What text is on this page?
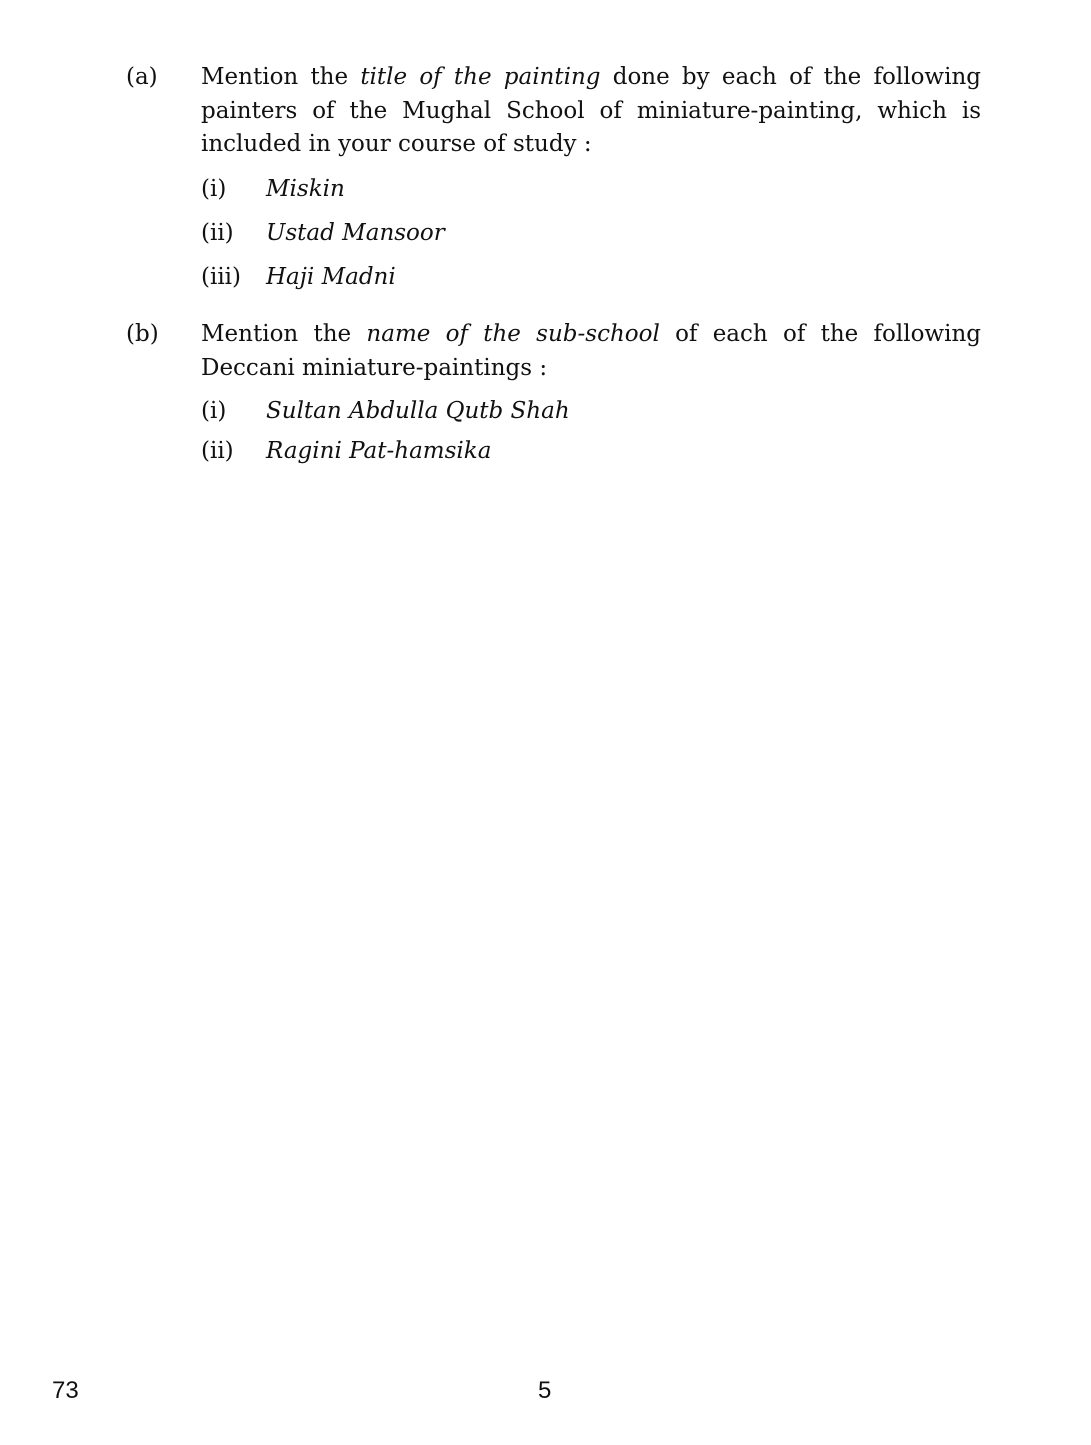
(a) Mention the title of the painting done by each of the following painters of the Mughal School of miniature-painting, which is included in your course of study :
(i) Miskin
(ii) Ustad Mansoor
(iii) Haji Madni
(b) Mention the name of the sub-school of each of the following Deccani miniature-paintings :
(i) Sultan Abdulla Qutb Shah
(ii) Ragini Pat-hamsika
73	5
